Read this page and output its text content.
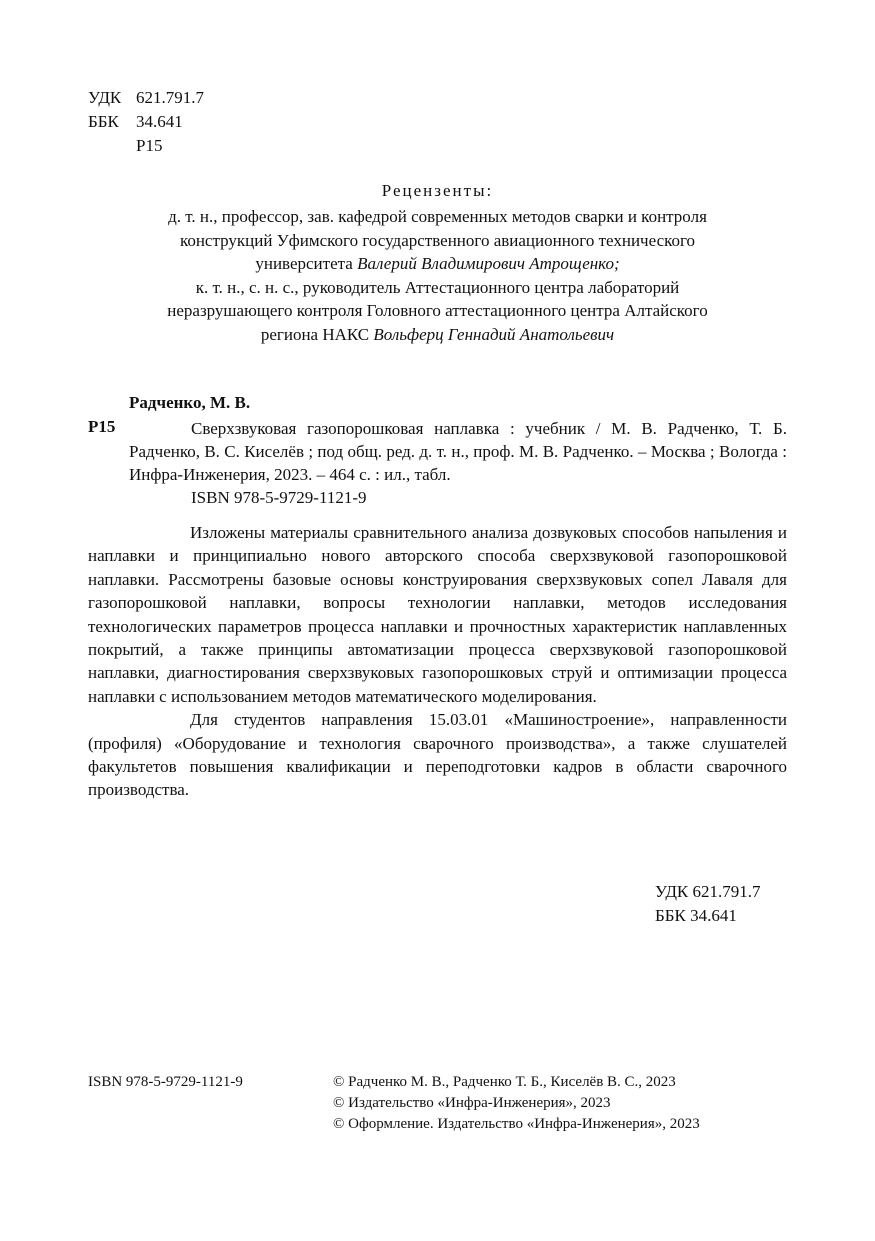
УДК 621.791.7
ББК	34.641
Р15
Рецензенты:
д. т. н., профессор, зав. кафедрой современных методов сварки и контроля
конструкций Уфимского государственного авиационного технического
университета Валерий Владимирович Атрощенко;
к. т. н., с. н. с., руководитель Аттестационного центра лабораторий
неразрушающего контроля Головного аттестационного центра Алтайского
региона НАКС Вольферц Геннадий Анатольевич
Радченко, М. В.
Р15	Сверхзвуковая газопорошковая наплавка : учебник / М. В. Радченко, Т. Б. Радченко, В. С. Киселёв ; под общ. ред. д. т. н., проф. М. В. Радченко. – Москва ; Вологда : Инфра-Инженерия, 2023. – 464 с. : ил., табл.
ISBN 978-5-9729-1121-9

Изложены материалы сравнительного анализа дозвуковых способов напыления и наплавки и принципиально нового авторского способа сверхзвуковой газопорошковой наплавки. Рассмотрены базовые основы конструирования сверхзвуковых сопел Лаваля для газопорошковой наплавки, вопросы технологии наплавки, методов исследования технологических параметров процесса наплавки и прочностных характеристик наплавленных покрытий, а также принципы автоматизации процесса сверхзвуковой газопорошковой наплавки, диагностирования сверхзвуковых газопорошковых струй и оптимизации процесса наплавки с использованием методов математического моделирования.

Для студентов направления 15.03.01 «Машиностроение», направленности (профиля) «Оборудование и технология сварочного производства», а также слушателей факультетов повышения квалификации и переподготовки кадров в области сварочного производства.

УДК 621.791.7
ББК 34.641
ISBN 978-5-9729-1121-9	© Радченко М. В., Радченко Т. Б., Киселёв В. С., 2023
© Издательство «Инфра-Инженерия», 2023
© Оформление. Издательство «Инфра-Инженерия», 2023
